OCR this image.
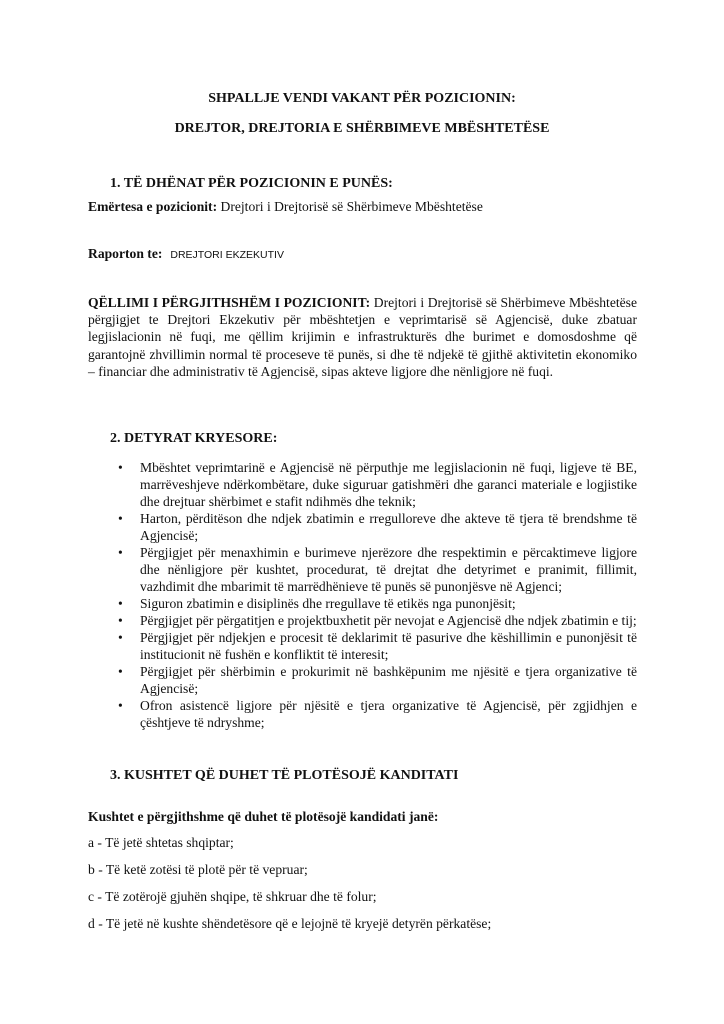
SHPALLJE VENDI VAKANT PËR POZICIONIN:
DREJTOR, DREJTORIA E SHËRBIMEVE MBËSHTETËSE
1. TË DHËNAT PËR POZICIONIN E PUNËS:
Emërtesa e pozicionit: Drejtori i Drejtorisë së Shërbimeve Mbështetëse
Raporton te: DREJTORI EKZEKUTIV
QËLLIMI I PËRGJITHSHËM I POZICIONIT: Drejtori i Drejtorisë së Shërbimeve Mbështetëse përgjigjet te Drejtori Ekzekutiv për mbështetjen e veprimtarisë së Agjencisë, duke zbatuar legjislacionin në fuqi, me qëllim krijimin e infrastrukturës dhe burimet e domosdoshme që garantojnë zhvillimin normal të proceseve të punës, si dhe të ndjekë të gjithë aktivitetin ekonomiko – financiar dhe administrativ të Agjencisë, sipas akteve ligjore dhe nënligjore në fuqi.
2. DETYRAT KRYESORE:
• Mbështet veprimtarinë e Agjencisë në përputhje me legjislacionin në fuqi, ligjeve të BE, marrëveshjeve ndërkombëtare, duke siguruar gatishmëri dhe garanci materiale e logjistike dhe drejtuar shërbimet e stafit ndihmës dhe teknik;
• Harton, përditëson dhe ndjek zbatimin e rregulloreve dhe akteve të tjera të brendshme të Agjencisë;
• Përgjigjet për menaxhimin e burimeve njerëzore dhe respektimin e përcaktimeve ligjore dhe nënligjore për kushtet, procedurat, të drejtat dhe detyrimet e pranimit, fillimit, vazhdimit dhe mbarimit të marrëdhënieve të punës së punonjësve në Agjenci;
• Siguron zbatimin e disiplinës dhe rregullave të etikës nga punonjësit;
• Përgjigjet për përgatitjen e projektbuxhetit për nevojat e Agjencisë dhe ndjek zbatimin e tij;
• Përgjigjet për ndjekjen e procesit të deklarimit të pasurive dhe këshillimin e punonjësit të institucionit në fushën e konfliktit të interesit;
• Përgjigjet për shërbimin e prokurimit në bashkëpunim me njësitë e tjera organizative të Agjencisë;
• Ofron asistencë ligjore për njësitë e tjera organizative të Agjencisë, për zgjidhjen e çështjeve të ndryshme;
3. KUSHTET QË DUHET TË PLOTËSOJË KANDITATI
Kushtet e përgjithshme që duhet të plotësojë kandidati janë:
a - Të jetë shtetas shqiptar;
b - Të ketë zotësi të plotë për të vepruar;
c - Të zotërojë gjuhën shqipe, të shkruar dhe të folur;
d - Të jetë në kushte shëndetësore që e lejojnë të kryejë detyrën përkatëse;
